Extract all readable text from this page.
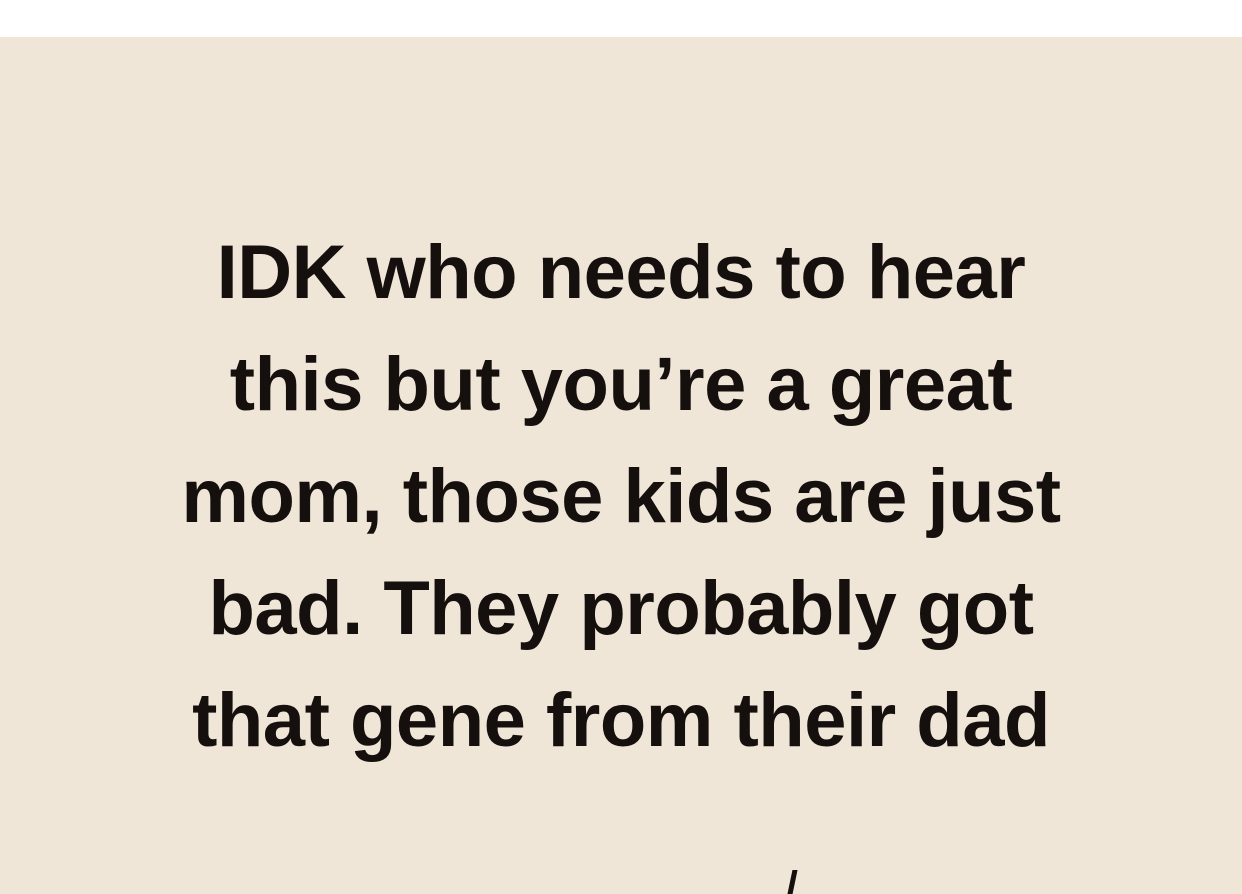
IDK who needs to hear
this but you’re a great
mom, those kids are just
bad. They probably got
that gene from their dad
